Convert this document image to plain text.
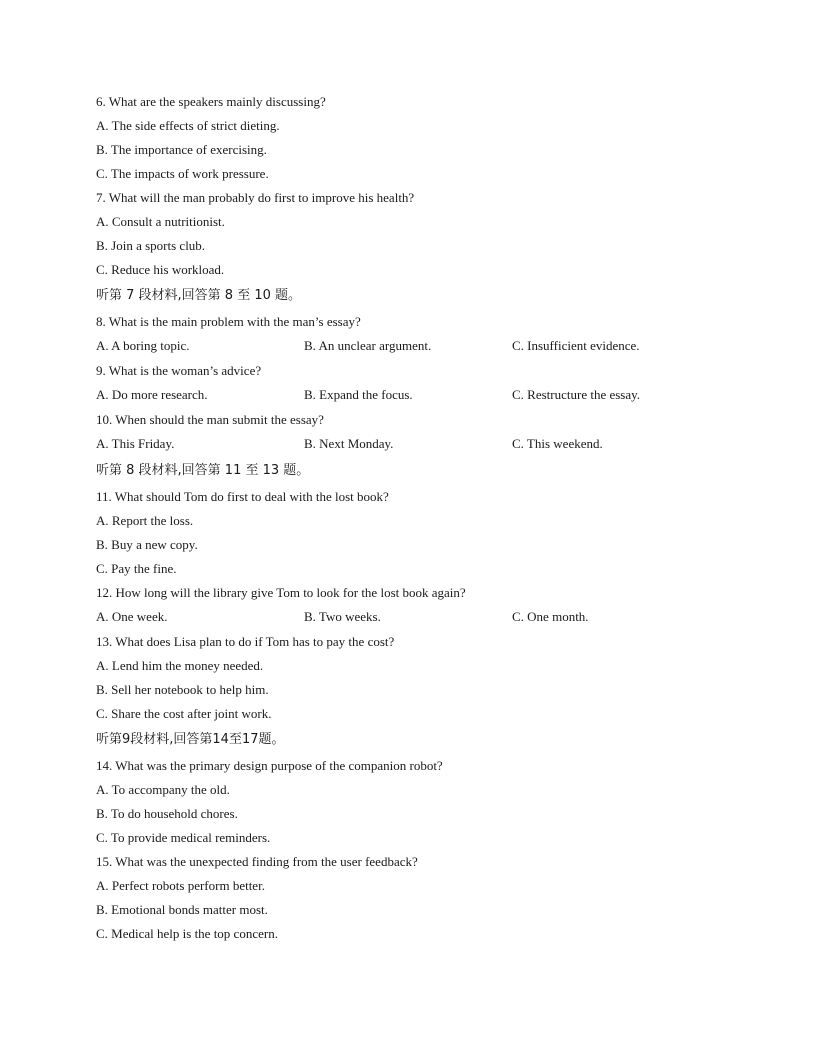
6. What are the speakers mainly discussing?
A. The side effects of strict dieting.
B. The importance of exercising.
C. The impacts of work pressure.
7. What will the man probably do first to improve his health?
A. Consult a nutritionist.
B. Join a sports club.
C. Reduce his workload.
听第 7 段材料,回答第 8 至 10 题。
8. What is the main problem with the man’s essay?
A. A boring topic.	B. An unclear argument.	C. Insufficient evidence.
9. What is the woman’s advice?
A. Do more research.	B. Expand the focus.	C. Restructure the essay.
10. When should the man submit the essay?
A. This Friday.	B. Next Monday.	C. This weekend.
听第 8 段材料,回答第 11 至 13 题。
11. What should Tom do first to deal with the lost book?
A. Report the loss.
B. Buy a new copy.
C. Pay the fine.
12. How long will the library give Tom to look for the lost book again?
A. One week.	B. Two weeks.	C. One month.
13. What does Lisa plan to do if Tom has to pay the cost?
A. Lend him the money needed.
B. Sell her notebook to help him.
C. Share the cost after joint work.
听第9段材料,回答第14至17题。
14. What was the primary design purpose of the companion robot?
A. To accompany the old.
B. To do household chores.
C. To provide medical reminders.
15. What was the unexpected finding from the user feedback?
A. Perfect robots perform better.
B. Emotional bonds matter most.
C. Medical help is the top concern.
